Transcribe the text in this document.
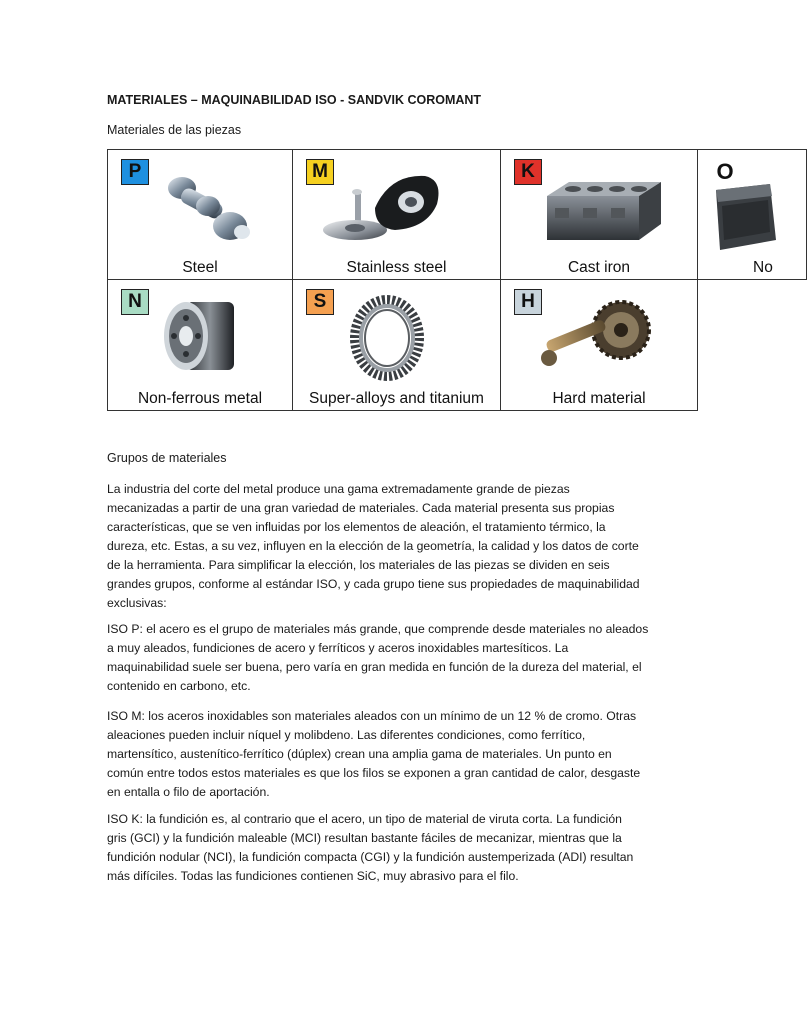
MATERIALES – MAQUINABILIDAD ISO - SANDVIK COROMANT
Materiales de las piezas
P
Steel
M
Stainless steel
K
Cast iron
O
No
N
Non-ferrous metal
S
Super-alloys and titanium
H
Hard material
Grupos de materiales
La industria del corte del metal produce una gama extremadamente grande de piezas
mecanizadas a partir de una gran variedad de materiales. Cada material presenta sus propias
características, que se ven influidas por los elementos de aleación, el tratamiento térmico, la
dureza, etc. Estas, a su vez, influyen en la elección de la geometría, la calidad y los datos de corte
de la herramienta. Para simplificar la elección, los materiales de las piezas se dividen en seis
grandes grupos, conforme al estándar ISO, y cada grupo tiene sus propiedades de maquinabilidad
exclusivas:
ISO P: el acero es el grupo de materiales más grande, que comprende desde materiales no aleados
a muy aleados, fundiciones de acero y ferríticos y aceros inoxidables martesíticos. La
maquinabilidad suele ser buena, pero varía en gran medida en función de la dureza del material, el
contenido en carbono, etc.
ISO M: los aceros inoxidables son materiales aleados con un mínimo de un 12 % de cromo. Otras
aleaciones pueden incluir níquel y molibdeno. Las diferentes condiciones, como ferrítico,
martensítico, austenítico-ferrítico (dúplex) crean una amplia gama de materiales. Un punto en
común entre todos estos materiales es que los filos se exponen a gran cantidad de calor, desgaste
en entalla o filo de aportación.
ISO K: la fundición es, al contrario que el acero, un tipo de material de viruta corta. La fundición
gris (GCI) y la fundición maleable (MCI) resultan bastante fáciles de mecanizar, mientras que la
fundición nodular (NCI), la fundición compacta (CGI) y la fundición austemperizada (ADI) resultan
más difíciles. Todas las fundiciones contienen SiC, muy abrasivo para el filo.
